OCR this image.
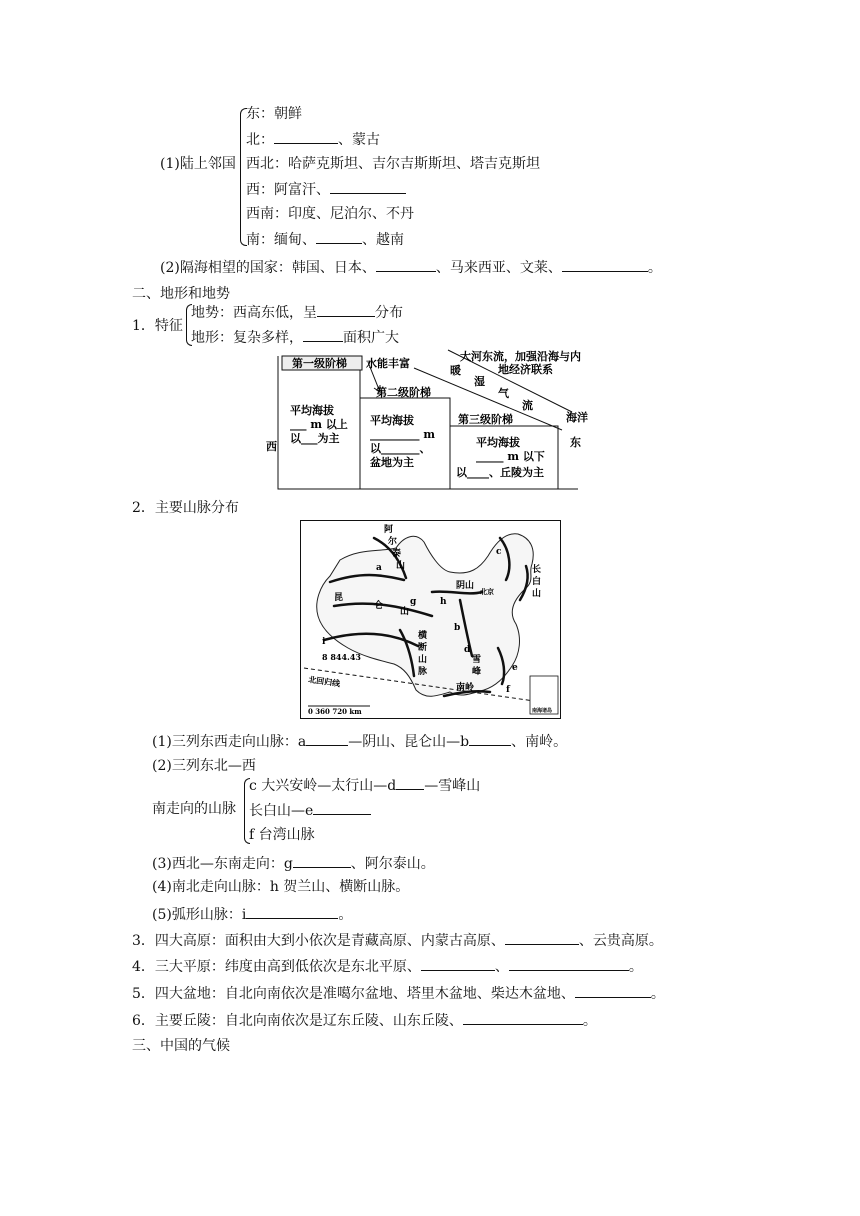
(1)陆上邻国
东：朝鲜
北：	、蒙古
西北：哈萨克斯坦、吉尔吉斯斯坦、塔吉克斯坦
西：阿富汗、
西南：印度、尼泊尔、不丹
南：缅甸、	、越南
(2)隔海相望的国家：韩国、日本、	、马来西亚、文莱、	。
二、地形和地势
1．特征
地势：西高东低，呈	分布
地形：复杂多样，	面积广大
第一级阶梯 水能丰富
大河东流，加强沿海与内
地经济联系
暖
湿
气
流
海洋
东
西
第二级阶梯
第三级阶梯
平均海拔
___ m 以上
以___为主
平均海拔
_________ m
以_______、
盆地为主
平均海拔
_____ m 以下
以____、丘陵为主
2．主要山脉分布
阿
尔
泰
山
a
c
长
白
山
阴山
北京
昆
仑
山
g	h
b
d
e
f
i
8 844.43
横
断
山
脉
雪
峰
南岭
北回归线
0 360 720 km	南海诸岛
(1)三列东西走向山脉：a	—阴山、昆仑山—b	、南岭。
(2)三列东北—西
南走向的山脉
c 大兴安岭—太行山—d —雪峰山
长白山—e
f 台湾山脉
(3)西北—东南走向：g	、阿尔泰山。
(4)南北走向山脉：h 贺兰山、横断山脉。
(5)弧形山脉：i	。
3．四大高原：面积由大到小依次是青藏高原、内蒙古高原、	、云贵高原。
4．三大平原：纬度由高到低依次是东北平原、	、	。
5．四大盆地：自北向南依次是准噶尔盆地、塔里木盆地、柴达木盆地、	。
6．主要丘陵：自北向南依次是辽东丘陵、山东丘陵、	。
三、中国的气候
